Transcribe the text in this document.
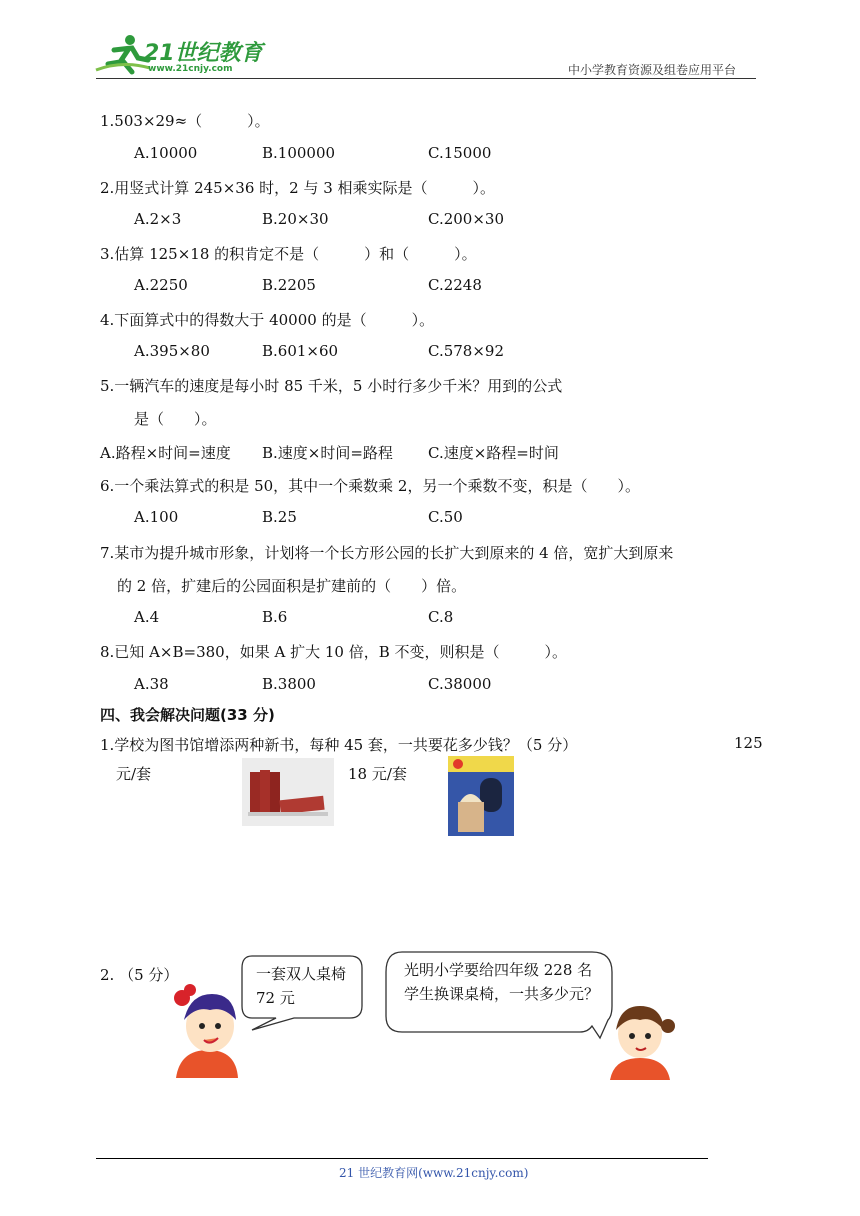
21世纪教育
www.21cnjy.com	中小学教育资源及组卷应用平台
1.503×29≈（　　　）。
A.10000	B.100000	C.15000
2.用竖式计算 245×36 时，2 与 3 相乘实际是（　　　）。
A.2×3	B.20×30	C.200×30
3.估算 125×18 的积肯定不是（　　　）和（　　　）。
A.2250	B.2205	C.2248
4.下面算式中的得数大于 40000 的是（　　　）。
A.395×80	B.601×60	C.578×92
5.一辆汽车的速度是每小时 85 千米，5 小时行多少千米？用到的公式
是（　　）。
A.路程×时间=速度 B.速度×时间=路程 C.速度×路程=时间
6.一个乘法算式的积是 50，其中一个乘数乘 2，另一个乘数不变，积是（　　）。
A.100	B.25	C.50
7.某市为提升城市形象，计划将一个长方形公园的长扩大到原来的 4 倍，宽扩大到原来
的 2 倍，扩建后的公园面积是扩建前的（　　）倍。
A.4	B.6	C.8
8.已知 A×B=380，如果 A 扩大 10 倍，B 不变，则积是（　　　）。
A.38	B.3800	C.38000
四、我会解决问题(33 分)
1.学校为图书馆增添两种新书，每种 45 套，一共要花多少钱？（5 分）	125
元/套	18 元/套
2. （5 分）	一套双人桌椅 72 元
光明小学要给四年级 228 名学生换课桌椅，一共多少元？
21 世纪教育网(www.21cnjy.com)
